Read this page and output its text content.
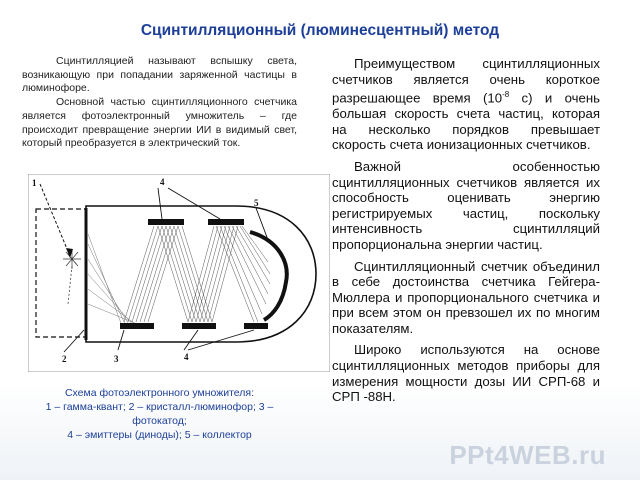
Сцинтилляционный (люминесцентный) метод

Сцинтилляцией называют вспышку света, возникающую при попадании заряженной частицы в люминофоре.

Основной частью сцинтилляционного счетчика является фотоэлектронный умножитель – где происходит превращение энергии ИИ в видимый свет, который преобразуется в электрический ток.

1	4
5
2	3	4
Схема фотоэлектронного умножителя:
1 – гамма-квант; 2 – кристалл-люминофор; 3 – фотокатод;
4 – эмиттеры (диноды); 5 – коллектор

Преимуществом сцинтилляционных счетчиков является очень короткое разрешающее время ($10^{-8}$ с) и очень большая скорость счета частиц, которая на несколько порядков превышает скорость счета ионизационных счетчиков.

Важной особенностью сцинтилляционных счетчиков является их способность оценивать энергию регистрируемых частиц, поскольку интенсивность сцинтилляций пропорциональна энергии частиц.

Сцинтилляционный счетчик объединил в себе достоинства счетчика Гейгера-Мюллера и пропорционального счетчика и при всем этом он превзошел их по многим показателям.

Широко используются на основе сцинтилляционных методов приборы для измерения мощности дозы ИИ СРП-68 и СРП -88Н.

PPt4WEB.ru
